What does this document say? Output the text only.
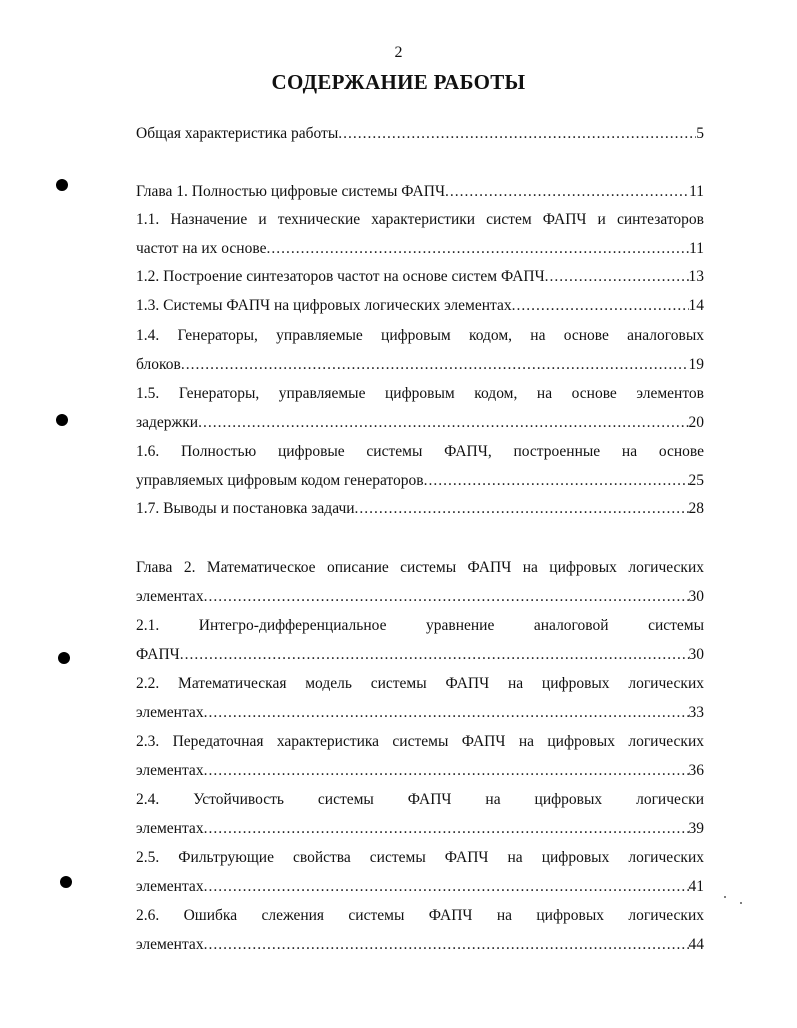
2
СОДЕРЖАНИЕ РАБОТЫ
Общая характеристика работы .....	5
Глава 1. Полностью цифровые системы ФАПЧ .....	11
1.1. Назначение и технические характеристики систем ФАПЧ и синтезаторов
частот на их основе .....	11
1.2. Построение синтезаторов частот на основе систем ФАПЧ .....	13
1.3. Системы ФАПЧ на цифровых логических элементах .....	14
1.4. Генераторы, управляемые цифровым кодом, на основе аналоговых
блоков .....	19
1.5. Генераторы, управляемые цифровым кодом, на основе элементов
задержки .....	20
1.6. Полностью цифровые системы ФАПЧ, построенные на основе
управляемых цифровым кодом генераторов .....	25
1.7. Выводы и постановка задачи .....	28
Глава 2. Математическое описание системы ФАПЧ на цифровых логических
элементах .....	30
2.1. Интегро-дифференциальное уравнение аналоговой системы
ФАПЧ .....	30
2.2. Математическая модель системы ФАПЧ на цифровых логических
элементах .....	33
2.3. Передаточная характеристика системы ФАПЧ на цифровых логических
элементах .....	36
2.4. Устойчивость системы ФАПЧ на цифровых логически
элементах .....	39
2.5. Фильтрующие свойства системы ФАПЧ на цифровых логических
элементах .....	41
2.6. Ошибка слежения системы ФАПЧ на цифровых логических
элементах .....	44
